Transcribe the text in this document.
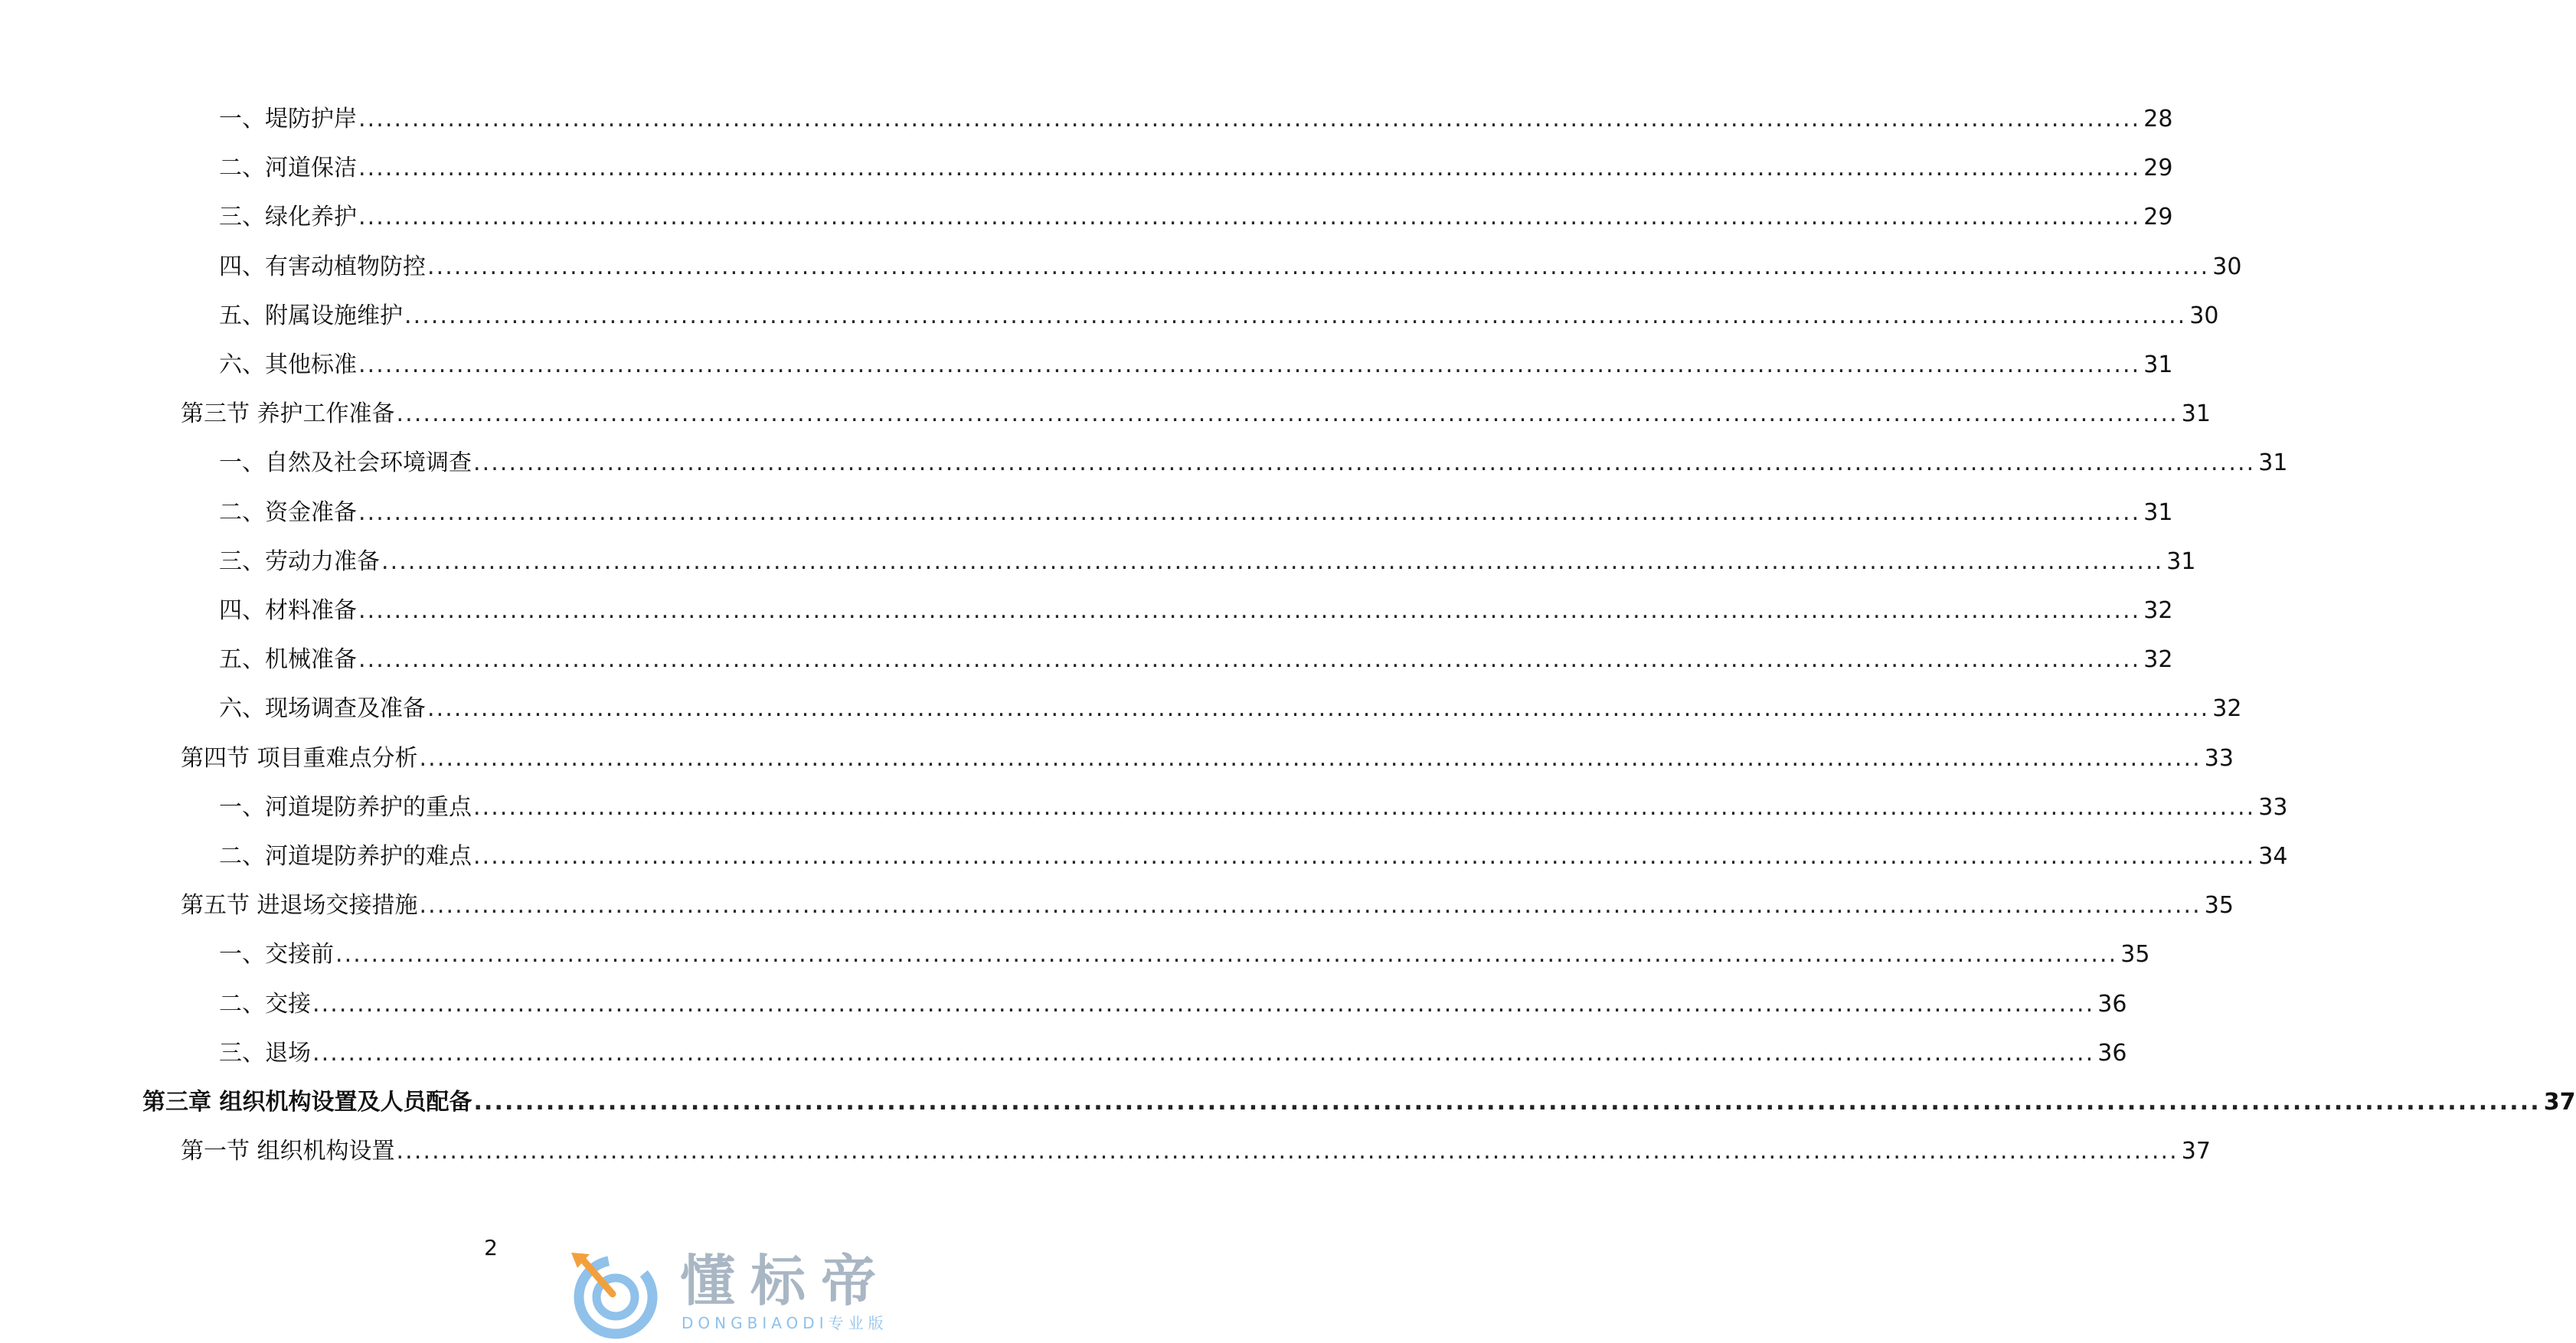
一、堤防护岸 ........................................................................................................................................................................................................ 28
二、河道保洁 ........................................................................................................................................................................................................ 29
三、绿化养护 ........................................................................................................................................................................................................ 29
四、有害动植物防控 ........................................................................................................................................................................................................ 30
五、附属设施维护 ........................................................................................................................................................................................................ 30
六、其他标准 ........................................................................................................................................................................................................ 31
第三节 养护工作准备 ........................................................................................................................................................................................................ 31
一、自然及社会环境调查 ........................................................................................................................................................................................................ 31
二、资金准备 ........................................................................................................................................................................................................ 31
三、劳动力准备 ........................................................................................................................................................................................................ 31
四、材料准备 ........................................................................................................................................................................................................ 32
五、机械准备 ........................................................................................................................................................................................................ 32
六、现场调查及准备 ........................................................................................................................................................................................................ 32
第四节 项目重难点分析 ........................................................................................................................................................................................................ 33
一、河道堤防养护的重点 ........................................................................................................................................................................................................ 33
二、河道堤防养护的难点 ........................................................................................................................................................................................................ 34
第五节 进退场交接措施 ........................................................................................................................................................................................................ 35
一、交接前 ........................................................................................................................................................................................................ 35
二、交接 ........................................................................................................................................................................................................ 36
三、退场 ........................................................................................................................................................................................................ 36
第三章 组织机构设置及人员配备 ........................................................................................................................................................................................................ 37
第一节 组织机构设置 ........................................................................................................................................................................................................ 37
2
懂标帝
DONGBIAODI专业版
